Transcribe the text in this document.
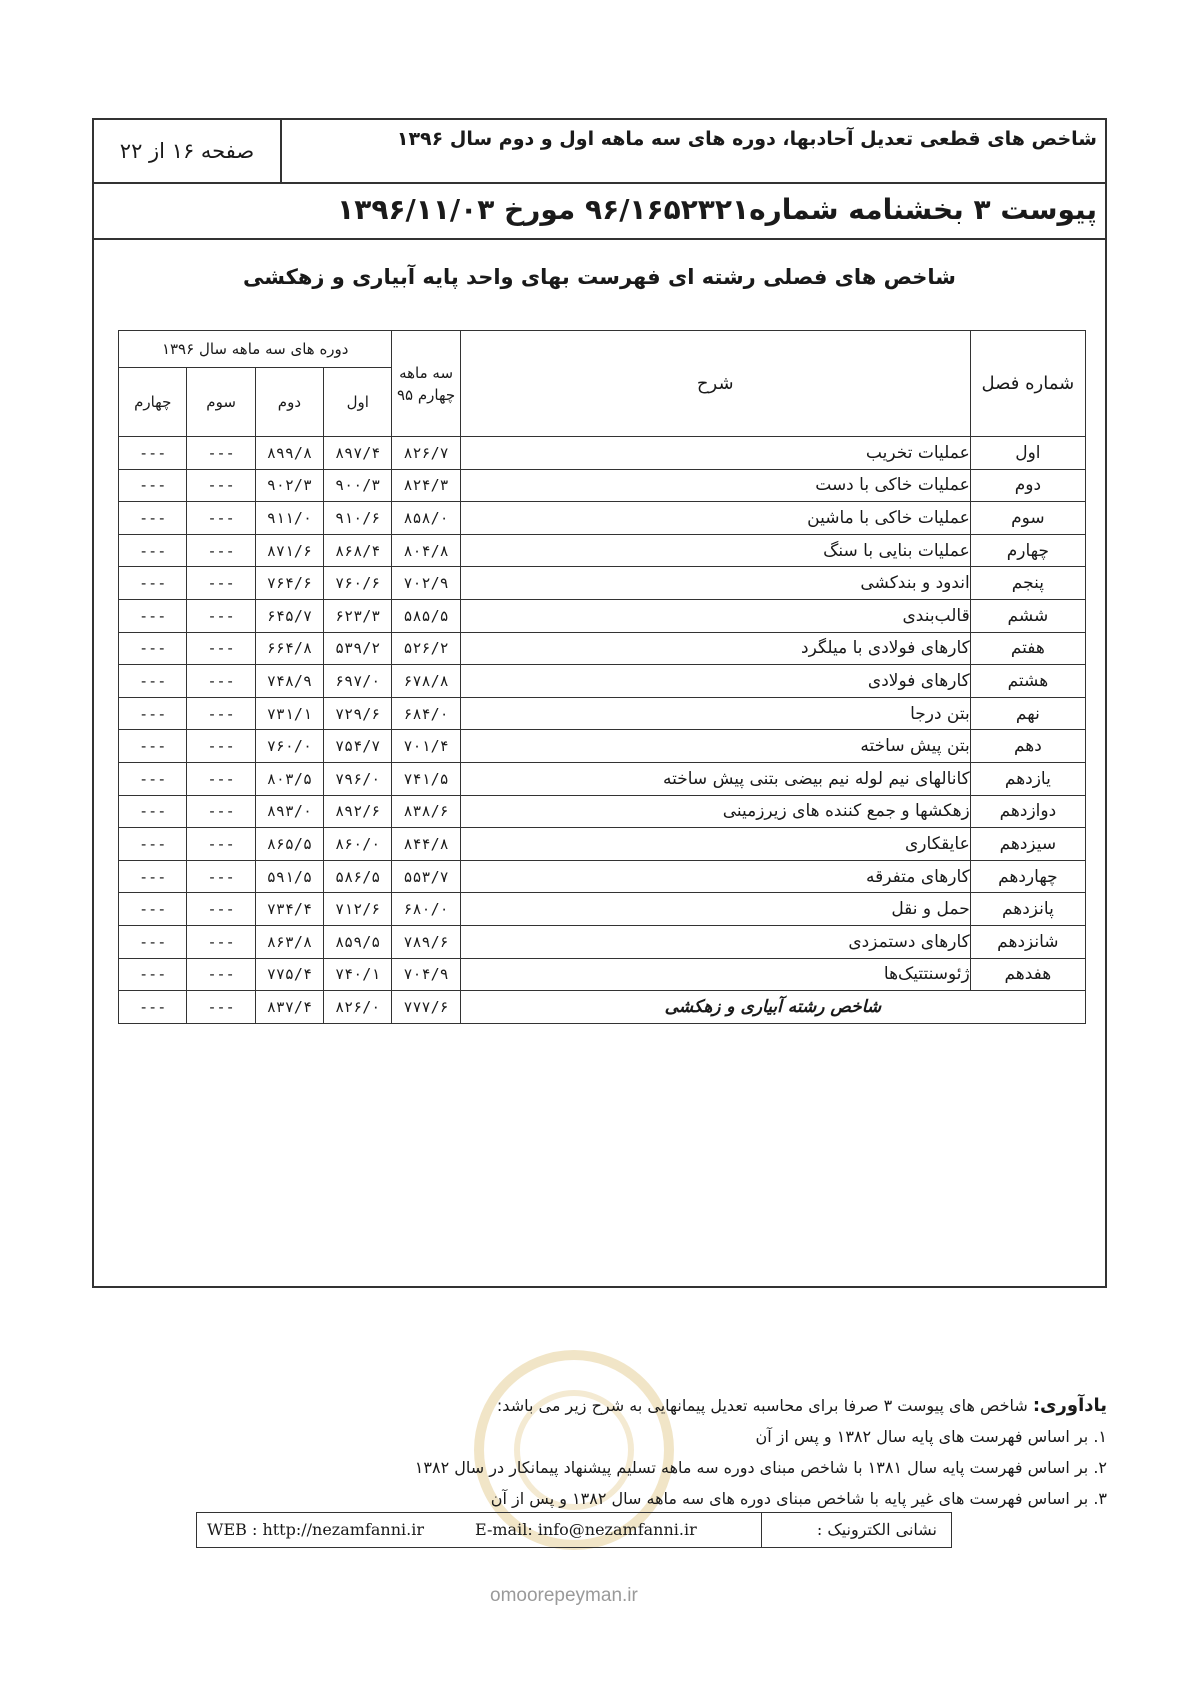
شاخص های قطعی تعدیل آحادبها، دوره های سه ماهه اول و دوم سال ۱۳۹۶
صفحه ۱۶ از ۲۲
پیوست ۳ بخشنامه شماره۹۶/۱۶۵۲۳۲۱ مورخ ۱۳۹۶/۱۱/۰۳
شاخص های فصلی رشته ای فهرست بهای واحد پایه آبیاری و زهکشی
شماره فصل	شرح	سه ماهه چهارم ۹۵	دوره های سه ماهه سال ۱۳۹۶			
			اول	دوم	سوم	چهارم
اول	عملیات تخریب	۸۲۶/۷	۸۹۷/۴	۸۹۹/۸	---	---
دوم	عملیات خاکی با دست	۸۲۴/۳	۹۰۰/۳	۹۰۲/۳	---	---
سوم	عملیات خاکی با ماشین	۸۵۸/۰	۹۱۰/۶	۹۱۱/۰	---	---
چهارم	عملیات بنایی با سنگ	۸۰۴/۸	۸۶۸/۴	۸۷۱/۶	---	---
پنجم	اندود و بندکشی	۷۰۲/۹	۷۶۰/۶	۷۶۴/۶	---	---
ششم	قالب‌بندی	۵۸۵/۵	۶۲۳/۳	۶۴۵/۷	---	---
هفتم	کارهای فولادی با میلگرد	۵۲۶/۲	۵۳۹/۲	۶۶۴/۸	---	---
هشتم	کارهای فولادی	۶۷۸/۸	۶۹۷/۰	۷۴۸/۹	---	---
نهم	بتن درجا	۶۸۴/۰	۷۲۹/۶	۷۳۱/۱	---	---
دهم	بتن پیش ساخته	۷۰۱/۴	۷۵۴/۷	۷۶۰/۰	---	---
یازدهم	کانالهای نیم لوله نیم بیضی بتنی پیش ساخته	۷۴۱/۵	۷۹۶/۰	۸۰۳/۵	---	---
دوازدهم	زهکشها و جمع کننده های زیرزمینی	۸۳۸/۶	۸۹۲/۶	۸۹۳/۰	---	---
سیزدهم	عایقکاری	۸۴۴/۸	۸۶۰/۰	۸۶۵/۵	---	---
چهاردهم	کارهای متفرقه	۵۵۳/۷	۵۸۶/۵	۵۹۱/۵	---	---
پانزدهم	حمل و نقل	۶۸۰/۰	۷۱۲/۶	۷۳۴/۴	---	---
شانزدهم	کارهای دستمزدی	۷۸۹/۶	۸۵۹/۵	۸۶۳/۸	---	---
هفدهم	ژئوسنتتیک‌ها	۷۰۴/۹	۷۴۰/۱	۷۷۵/۴	---	---
شاخص رشته آبیاری و زهکشی		۷۷۷/۶	۸۲۶/۰	۸۳۷/۴	---	---
یادآوری: شاخص های پیوست ۳ صرفا برای محاسبه تعدیل پیمانهایی به شرح زیر می باشد:
۱. بر اساس فهرست های پایه سال ۱۳۸۲ و پس از آن
۲. بر اساس فهرست پایه سال ۱۳۸۱ با شاخص مبنای دوره سه ماهه تسلیم پیشنهاد پیمانکار در سال ۱۳۸۲
۳. بر اساس فهرست های غیر پایه با شاخص مبنای دوره های سه ماهه سال ۱۳۸۲ و پس از آن
WEB : http://nezamfanni.ir	E-mail: info@nezamfanni.ir	نشانی الکترونیک :
omoorepeyman.ir
